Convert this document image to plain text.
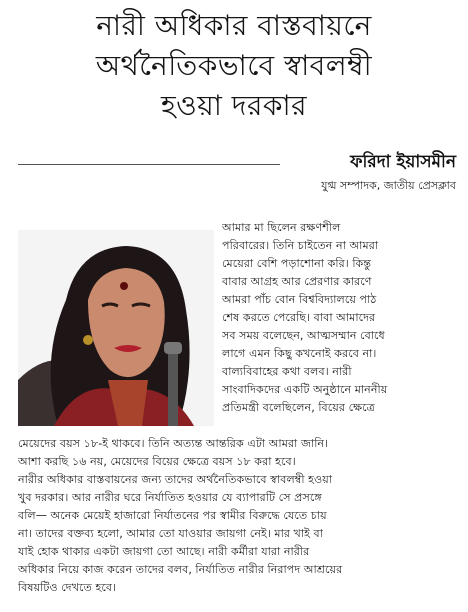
নারী অধিকার বাস্তবায়নে
অর্থনৈতিকভাবে স্বাবলম্বী
হওয়া দরকার
ফরিদা ইয়াসমীন
যুগ্ম সম্পাদক, জাতীয় প্রেসক্লাব
আমার মা ছিলেন রক্ষণশীল
পরিবারের। তিনি চাইতেন না আমরা
মেয়েরা বেশি পড়াশোনা করি। কিন্তু
বাবার আগ্রহ আর প্রেরণার কারণে
আমরা পাঁচ বোন বিশ্ববিদ্যালয়ে পাঠ
শেষ করতে পেরেছি। বাবা আমাদের
সব সময় বলেছেন, আত্মসম্মান বোধে
লাগে এমন কিছু কখনোই করবে না।
বাল্যবিবাহের কথা বলব। নারী
সাংবাদিকদের একটি অনুষ্ঠানে মাননীয়
প্রতিমন্ত্রী বলেছিলেন, বিয়ের ক্ষেত্রে
মেয়েদের বয়স ১৮-ই থাকবে। তিনি অত্যন্ত আন্তরিক এটা আমরা জানি।
আশা করছি ১৬ নয়, মেয়েদের বিয়ের ক্ষেত্রে বয়স ১৮ করা হবে।
নারীর অধিকার বাস্তবায়নের জন্য তাদের অর্থনৈতিকভাবে স্বাবলম্বী হওয়া
খুব দরকার। আর নারীর ঘরে নির্যাতিত হওয়ার যে ব্যাপারটি সে প্রসঙ্গে
বলি— অনেক মেয়েই হাজারো নির্যাতনের পর স্বামীর বিরুদ্ধে যেতে চায়
না। তাদের বক্তব্য হলো, আমার তো যাওয়ার জায়গা নেই। মার খাই বা
যাই হোক থাকার একটা জায়গা তো আছে। নারী কর্মীরা যারা নারীর
অধিকার নিয়ে কাজ করেন তাদের বলব, নির্যাতিত নারীর নিরাপদ আশ্রয়ের
বিষয়টিও দেখতে হবে।
